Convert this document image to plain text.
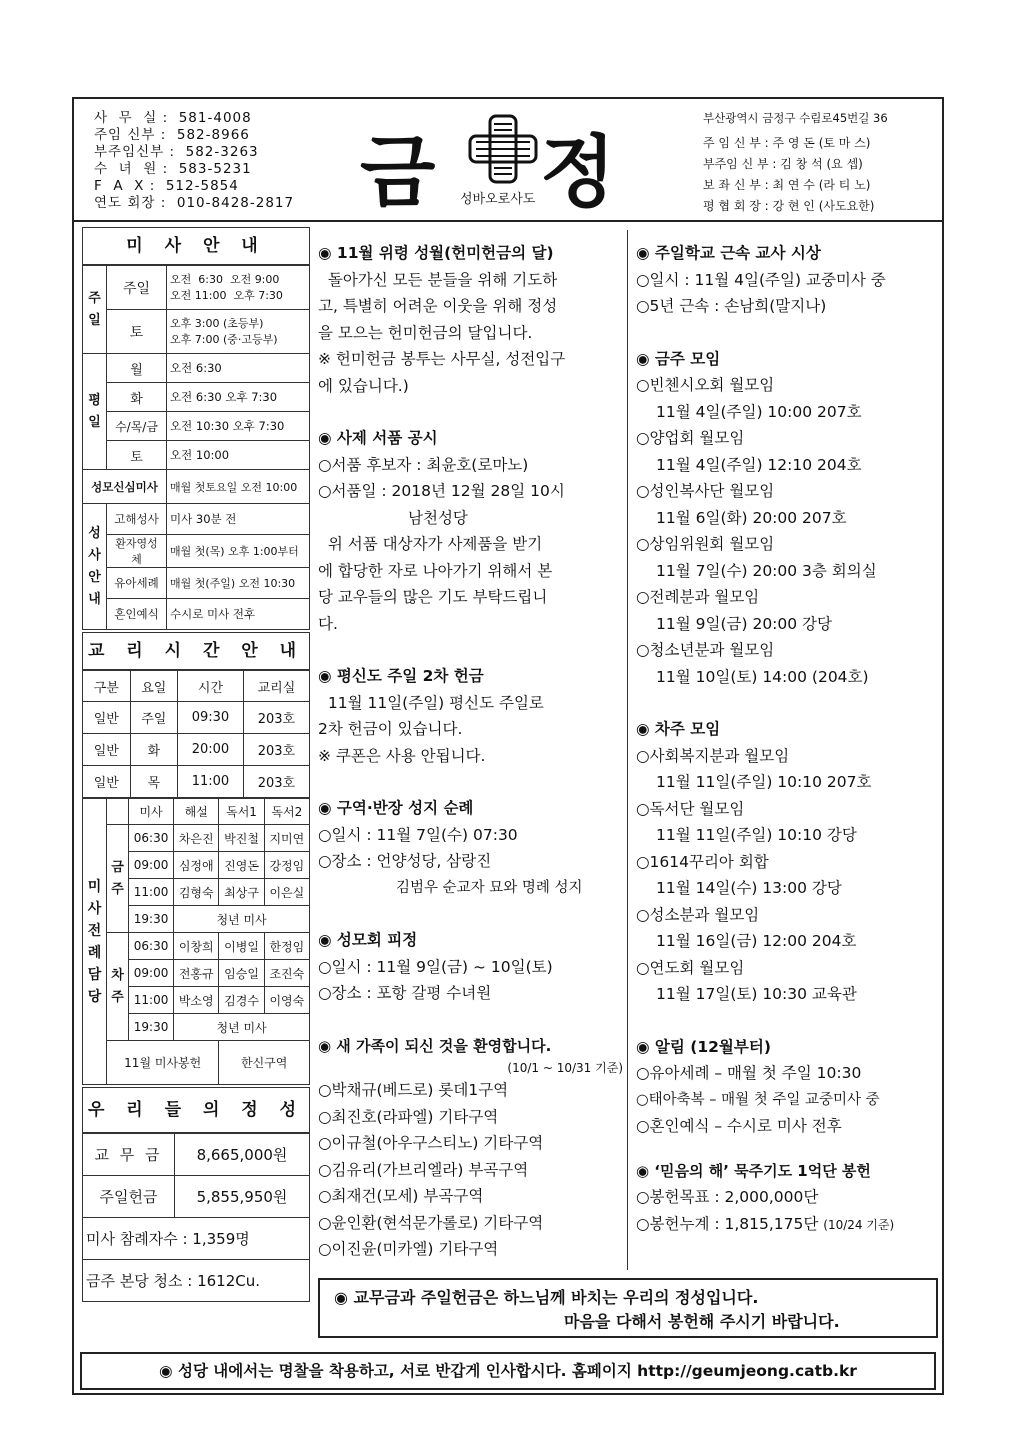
사  무  실 :  581-4008
주임 신부 :  582-8966
부주임신부 :  582-3263
수  녀  원 :  583-5231
F  A  X :  512-5854
연도 회장 :  010-8428-2817 금 정
성바오로사도
부산광역시 금정구 수림로45번길 36
주 임 신 부 : 주 영 돈 (토 마 스)
부주임 신 부 : 김 창 석 (요 셉)
보 좌 신 부 : 최 연 수 (라 티 노)
평 협 회 장 : 강 현 인 (사도요한)
미 사 안 내
주일	주일	오전  6:30  오전 9:00
오전 11:00  오후 7:30
	토	오후 3:00 (초등부)
오후 7:00 (중·고등부)
평일	월	오전 6:30
	화	오전 6:30 오후 7:30
	수/목/금	오전 10:30 오후 7:30
	토	오전 10:00
성모신심미사		매월 첫토요일 오전 10:00
성사안내	고해성사	미사 30분 전
	환자영성체	매월 첫(목) 오후 1:00부터
	유아세례	매월 첫(주일) 오전 10:30
	혼인예식	수시로 미사 전후
교 리 시 간 안 내
구분	요일	시간	교리실
일반	주일	09:30	203호
일반	화	20:00	203호
일반	목	11:00	203호
미사전례담당		미사	해설	독서1	독서2
	금주	06:30	차은진	박진철	지미연
		09:00	심정애	진영돈	강정임
		11:00	김형숙	최상구	이은실
		19:30	청년 미사		
	차주	06:30	이창희	이병일	한정임
		09:00	전홍규	임승일	조진숙
		11:00	박소영	김경수	이영숙
		19:30	청년 미사		
	11월 미사봉헌			한신구역	
우 리 들 의 정 성
교 무 금	8,665,000원
주일헌금	5,855,950원
미사 참례자수 : 1,359명	
금주 본당 청소 : 1612Cu.	
◉ 11월 위령 성월(헌미헌금의 달)
돌아가신 모든 분들을 위해 기도하
고, 특별히 어려운 이웃을 위해 정성
을 모으는 헌미헌금의 달입니다.
※ 헌미헌금 봉투는 사무실, 성전입구
에 있습니다.)
◉ 사제 서품 공시
○서품 후보자 : 최윤호(로마노)
○서품일 : 2018년 12월 28일 10시
남천성당
위 서품 대상자가 사제품을 받기
에 합당한 자로 나아가기 위해서 본
당 교우들의 많은 기도 부탁드립니
다.
◉ 평신도 주일 2차 헌금
11월 11일(주일) 평신도 주일로
2차 헌금이 있습니다.
※ 쿠폰은 사용 안됩니다.
◉ 구역·반장 성지 순례
○일시 : 11월 7일(수) 07:30
○장소 : 언양성당, 삼랑진
김범우 순교자 묘와 명례 성지
◉ 성모회 피정
○일시 : 11월 9일(금) ~ 10일(토)
○장소 : 포항 갈평 수녀원
◉ 새 가족이 되신 것을 환영합니다.
(10/1 ~ 10/31 기준)
○박채규(베드로) 롯데1구역
○최진호(라파엘) 기타구역
○이규철(아우구스티노) 기타구역
○김유리(가브리엘라) 부곡구역
○최재건(모세) 부곡구역
○윤인환(현석문가롤로) 기타구역
○이진윤(미카엘) 기타구역
◉ 주일학교 근속 교사 시상
○일시 : 11월 4일(주일) 교중미사 중
○5년 근속 : 손남희(말지나)
◉ 금주 모임
○빈첸시오회 월모임
11월 4일(주일) 10:00 207호
○양업회 월모임
11월 4일(주일) 12:10 204호
○성인복사단 월모임
11월 6일(화) 20:00 207호
○상임위원회 월모임
11월 7일(수) 20:00 3층 회의실
○전례분과 월모임
11월 9일(금) 20:00 강당
○청소년분과 월모임
11월 10일(토) 14:00 (204호)
◉ 차주 모임
○사회복지분과 월모임
11월 11일(주일) 10:10 207호
○독서단 월모임
11월 11일(주일) 10:10 강당
○1614꾸리아 회합
11월 14일(수) 13:00 강당
○성소분과 월모임
11월 16일(금) 12:00 204호
○연도회 월모임
11월 17일(토) 10:30 교육관
◉ 알림 (12월부터)
○유아세례 – 매월 첫 주일 10:30
○태아축복 – 매월 첫 주일 교중미사 중
○혼인예식 – 수시로 미사 전후
◉ ‘믿음의 해’ 묵주기도 1억단 봉헌
○봉헌목표 : 2,000,000단
○봉헌누계 : 1,815,175단 (10/24 기준)
◉ 교무금과 주일헌금은 하느님께 바치는 우리의 정성입니다.
마음을 다해서 봉헌해 주시기 바랍니다.
◉ 성당 내에서는 명찰을 착용하고, 서로 반갑게 인사합시다. 홈페이지 http://geumjeong.catb.kr
